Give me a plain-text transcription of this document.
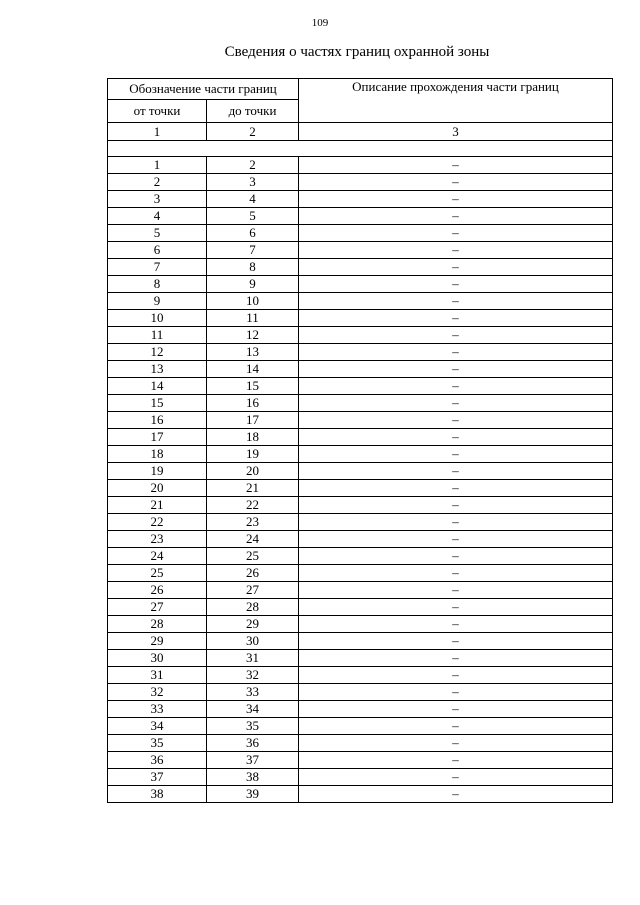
109
Сведения о частях границ охранной зоны
Обозначение части границ		Описание прохождения части границ
от точки	до точки	
1	2	3

1	2	–
2	3	–
3	4	–
4	5	–
5	6	–
6	7	–
7	8	–
8	9	–
9	10	–
10	11	–
11	12	–
12	13	–
13	14	–
14	15	–
15	16	–
16	17	–
17	18	–
18	19	–
19	20	–
20	21	–
21	22	–
22	23	–
23	24	–
24	25	–
25	26	–
26	27	–
27	28	–
28	29	–
29	30	–
30	31	–
31	32	–
32	33	–
33	34	–
34	35	–
35	36	–
36	37	–
37	38	–
38	39	–
